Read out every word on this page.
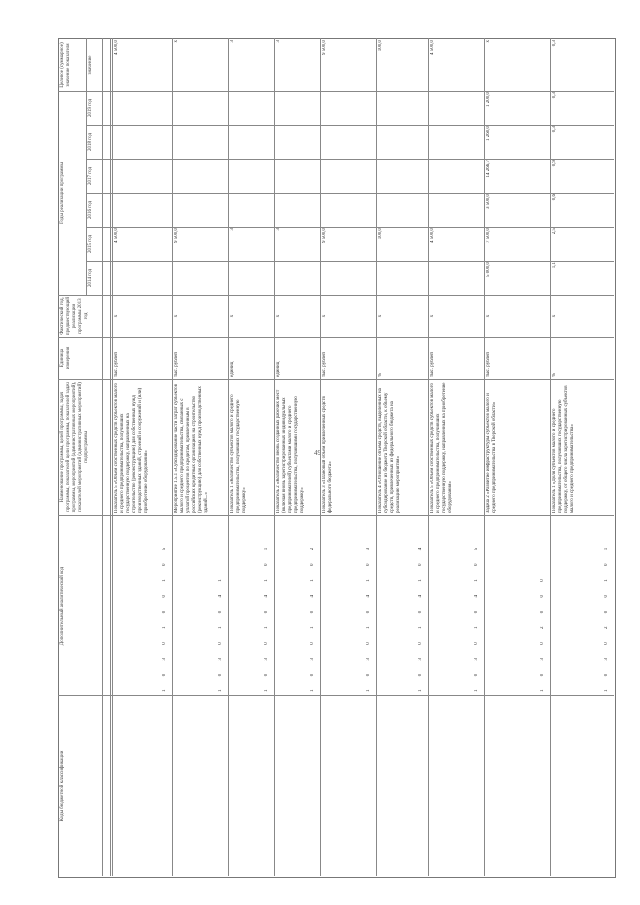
49
Коды бюджетной классификации
Дополнительный аналитический код
Наименование программы, целей программы, задач программы, показателей цели программы, показателей задач программы, мероприятий (административных мероприятий), показателей мероприятий (административных мероприятий) подпрограммы
Единица измерения
Фактический год, предшествующий реализации программы 2013 год
Годы реализации программы
Целевое (суммарное) значение показателя
2014 год
2015 год
2016 год
2017 год
2018 год
2019 год
значение
Показатель 5 «Объем собственных средств субъектов малого и среднего предпринимательства, получивших государственную поддержку, направленных на строительство (реконструкцию) для собственных нужд производственных зданий, строений и сооружений и (или) приобретение оборудования»
тыс. рублей
х
4 500,0
4 500,0
1 0 3 0 1 0 0 1 0 5
Мероприятие 1.5.1 «Субсидирование части затрат субъектов малого и среднего предпринимательства, связанных с уплатой процентов по кредитам, привлеченным в российских кредитных организациях на строительство (реконструкцию) для собственных нужд производственных зданий...»
тыс. рублей
х
9 500,0
х
1 0 3 0 1 0 4 1
Показатель 1 «Количество субъектов малого и среднего предпринимательства, получивших государственную поддержку»
единиц
х
3
3
1 0 3 0 1 0 4 1 0 1
Показатель 2 «Количество вновь созданных рабочих мест (включая вновь зарегистрированных индивидуальных предпринимателей) субъектами малого и среднего предпринимательства, получившими государственную поддержку»
единиц
х
3
3
1 0 3 0 1 0 4 1 0 2
Показатель 3 «Плановый объем привлеченных средств федерального бюджета»
тыс. рублей
х
9 500,0
9 500,0
1 0 3 0 1 0 4 1 0 3
Показатель 4 «Отношение объема средств, выделенных на субсидирование из бюджета Тверской области, к объему средств, привлеченных из федерального бюджета на реализацию мероприятия»
%
х
100,0
100,0
1 0 3 0 1 0 4 1 0 4
Показатель 5 «Объем собственных средств субъектов малого и среднего предпринимательства, получивших государственную поддержку, направленных на приобретение оборудования»
тыс. рублей
х
4 500,0
4 500,0
1 0 3 0 1 0 4 1 0 5
Задача 2 «Развитие инфраструктуры субъектов малого и среднего предпринимательства в Тверской области»
тыс. рублей
х
5 000,0
7 500,0
3 500,0
14 266,7
1 260,0
1 200,0
х
1 0 3 0 2 0 0 0
Показатель 1 «Доля субъектов малого и среднего предпринимательства, получивших государственную поддержку, от общего числа зарегистрированных субъектов малого и среднего предпринимательства»
%
х
1,1
2,5
0,6
0,9
0,3
0,3
0,3
1 0 3 0 2 0 0 1 0 1
